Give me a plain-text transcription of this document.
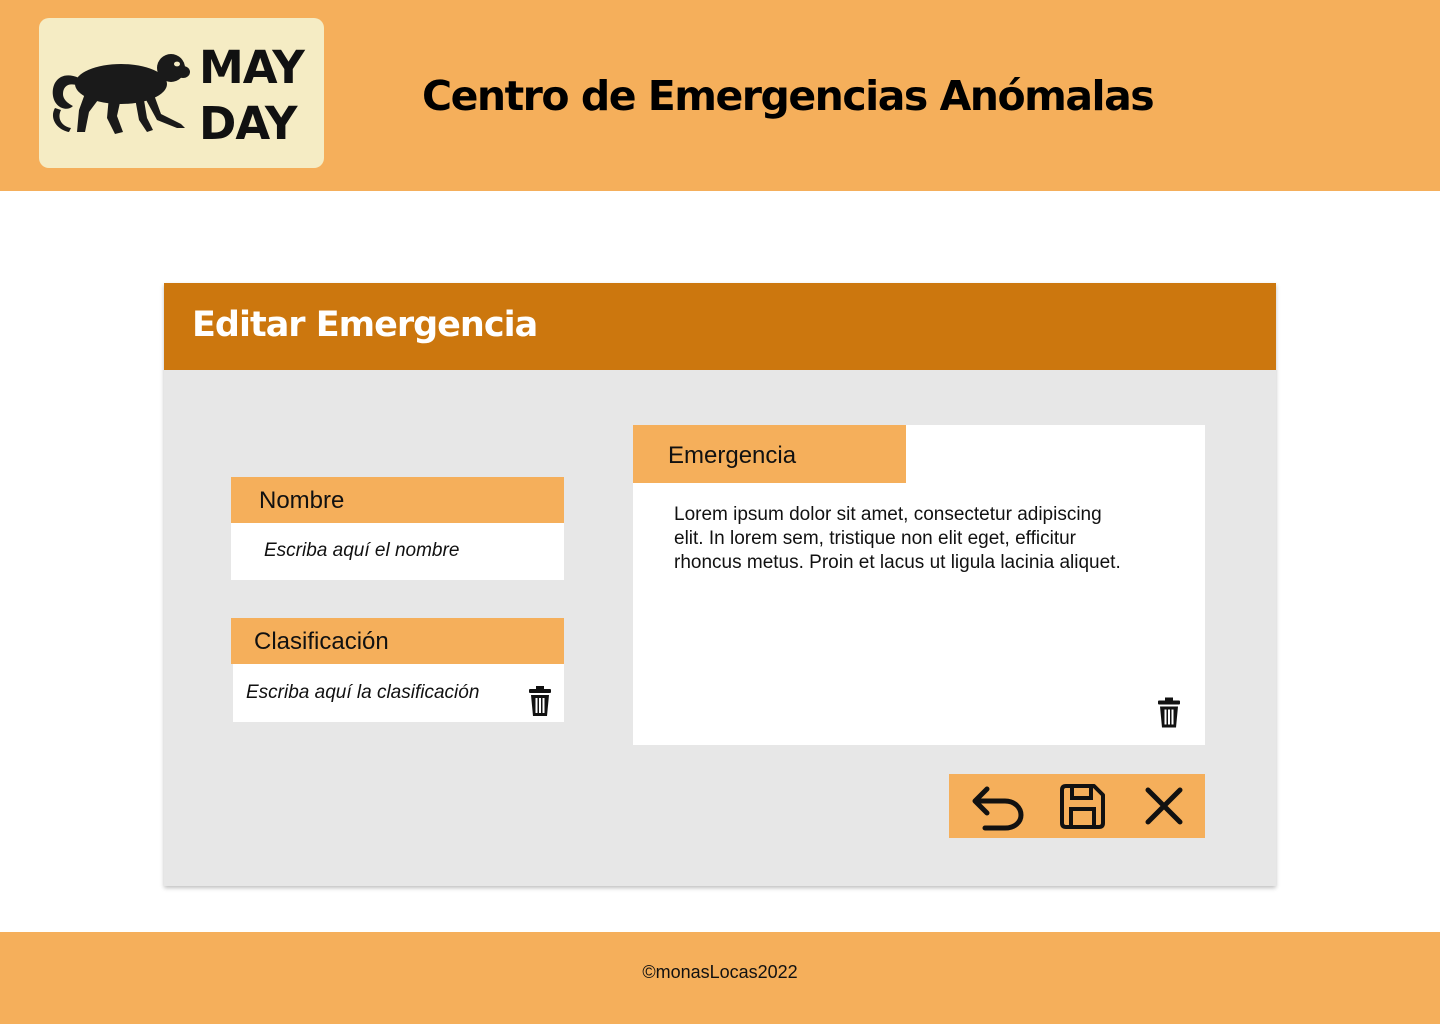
MAY
DAY
Centro de Emergencias Anómalas
Editar Emergencia
Nombre
Escriba aquí el nombre
Clasificación
Escriba aquí la clasificación
Emergencia
Lorem ipsum dolor sit amet, consectetur adipiscing elit. In lorem sem, tristique non elit eget, efficitur rhoncus metus. Proin et lacus ut ligula lacinia aliquet.
©monasLocas2022
